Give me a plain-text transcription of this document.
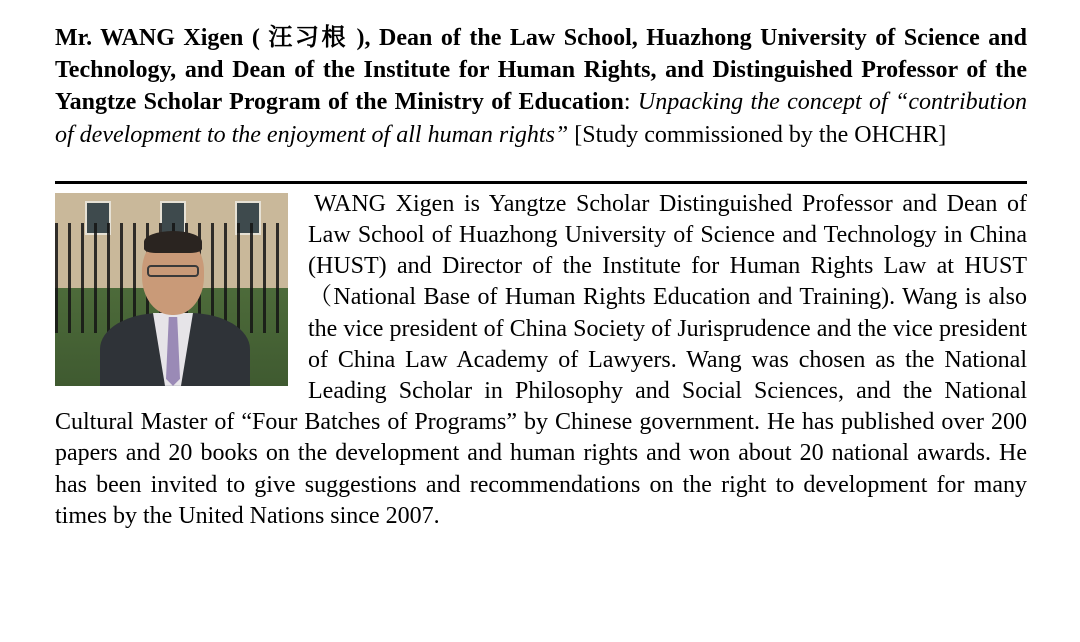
Mr. WANG Xigen ( 汪习根 ), Dean of the Law School, Huazhong University of Science and Technology, and Dean of the Institute for Human Rights, and Distinguished Professor of the Yangtze Scholar Program of the Ministry of Education: Unpacking the concept of “contribution of development to the enjoyment of all human rights” [Study commissioned by the OHCHR]

WANG Xigen is Yangtze Scholar Distinguished Professor and Dean of Law School of Huazhong University of Science and Technology in China (HUST) and Director of the Institute for Human Rights Law at HUST（National Base of Human Rights Education and Training). Wang is also the vice president of China Society of Jurisprudence and the vice president of China Law Academy of Lawyers. Wang was chosen as the National Leading Scholar in Philosophy and Social Sciences, and the National Cultural Master of “Four Batches of Programs” by Chinese government. He has published over 200 papers and 20 books on the development and human rights and won about 20 national awards. He has been invited to give suggestions and recommendations on the right to development for many times by the United Nations since 2007.
